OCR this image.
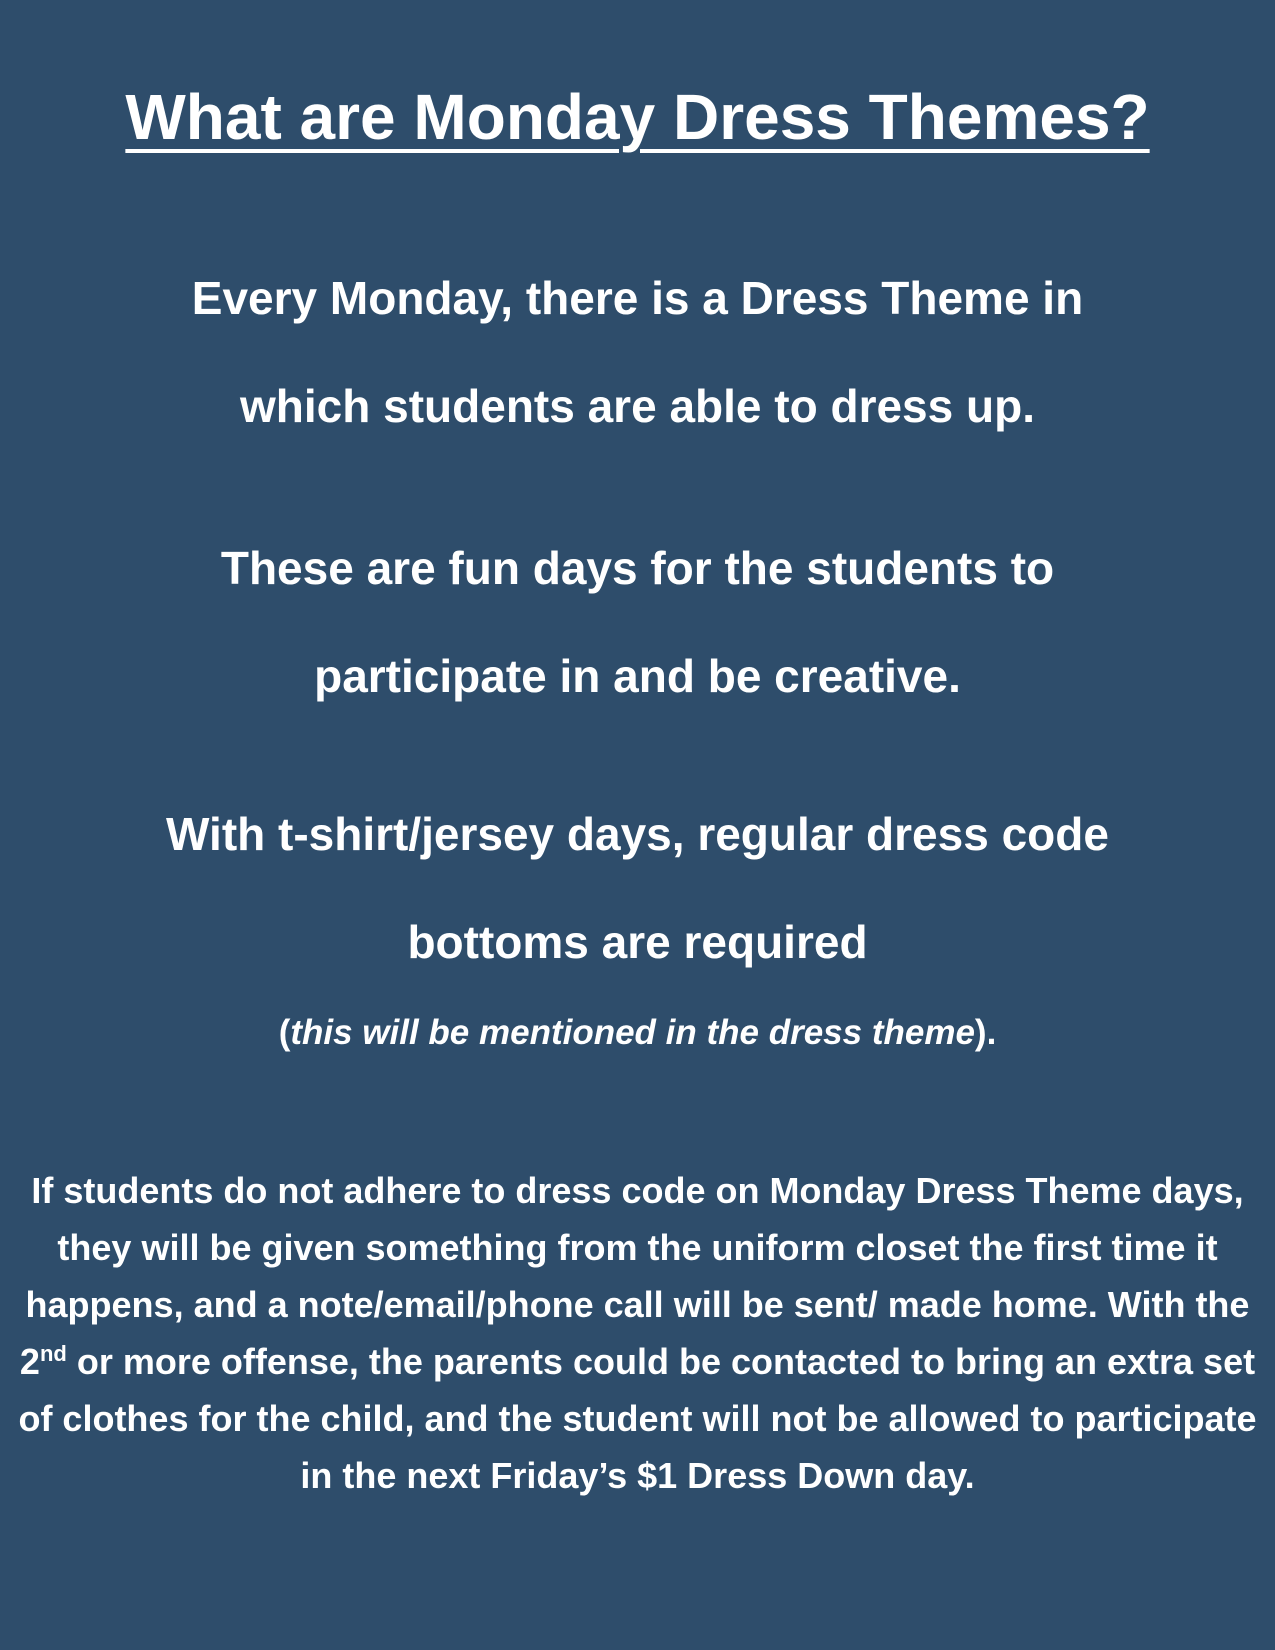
What are Monday Dress Themes?

Every Monday, there is a Dress Theme in

which students are able to dress up.

These are fun days for the students to

participate in and be creative.

With t-shirt/jersey days, regular dress code

bottoms are required

(this will be mentioned in the dress theme).

If students do not adhere to dress code on Monday Dress Theme days, they will be given something from the uniform closet the first time it happens, and a note/email/phone call will be sent/ made home. With the 2nd or more offense, the parents could be contacted to bring an extra set of clothes for the child, and the student will not be allowed to participate in the next Friday’s $1 Dress Down day.
